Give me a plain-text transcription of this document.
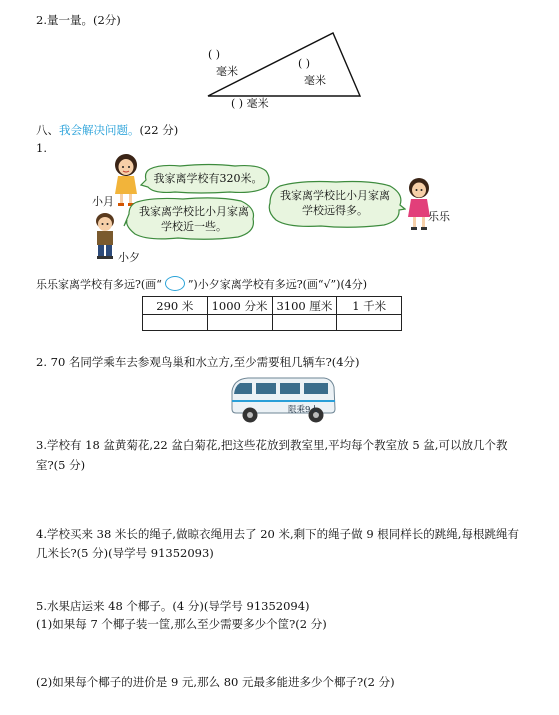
2.量一量。(2分)
( )
毫米
( )
毫米
( ) 毫米
八、我会解决问题。(22 分)
1.
小月
我家离学校有320米。
我家离学校比小月家离学校近一些。
小夕
我家离学校比小月家离学校远得多。	乐乐
乐乐家离学校有多远?(画“ ”)小夕家离学校有多远?(画“√”)(4分)
290 米	1000 分米	3100 厘米	1 千米

2. 70 名同学乘车去参观鸟巢和水立方,至少需要租几辆车?(4分)
限乘9人
3.学校有 18 盆黄菊花,22 盆白菊花,把这些花放到教室里,平均每个教室放 5 盆,可以放几个教
室?(5 分)
4.学校买来 38 米长的绳子,做晾衣绳用去了 20 米,剩下的绳子做 9 根同样长的跳绳,每根跳绳有
几米长?(5 分)(导学号 91352093)
5.水果店运来 48 个椰子。(4 分)(导学号 91352094)
(1)如果每 7 个椰子装一筐,那么至少需要多少个筐?(2 分)
(2)如果每个椰子的进价是 9 元,那么 80 元最多能进多少个椰子?(2 分)
